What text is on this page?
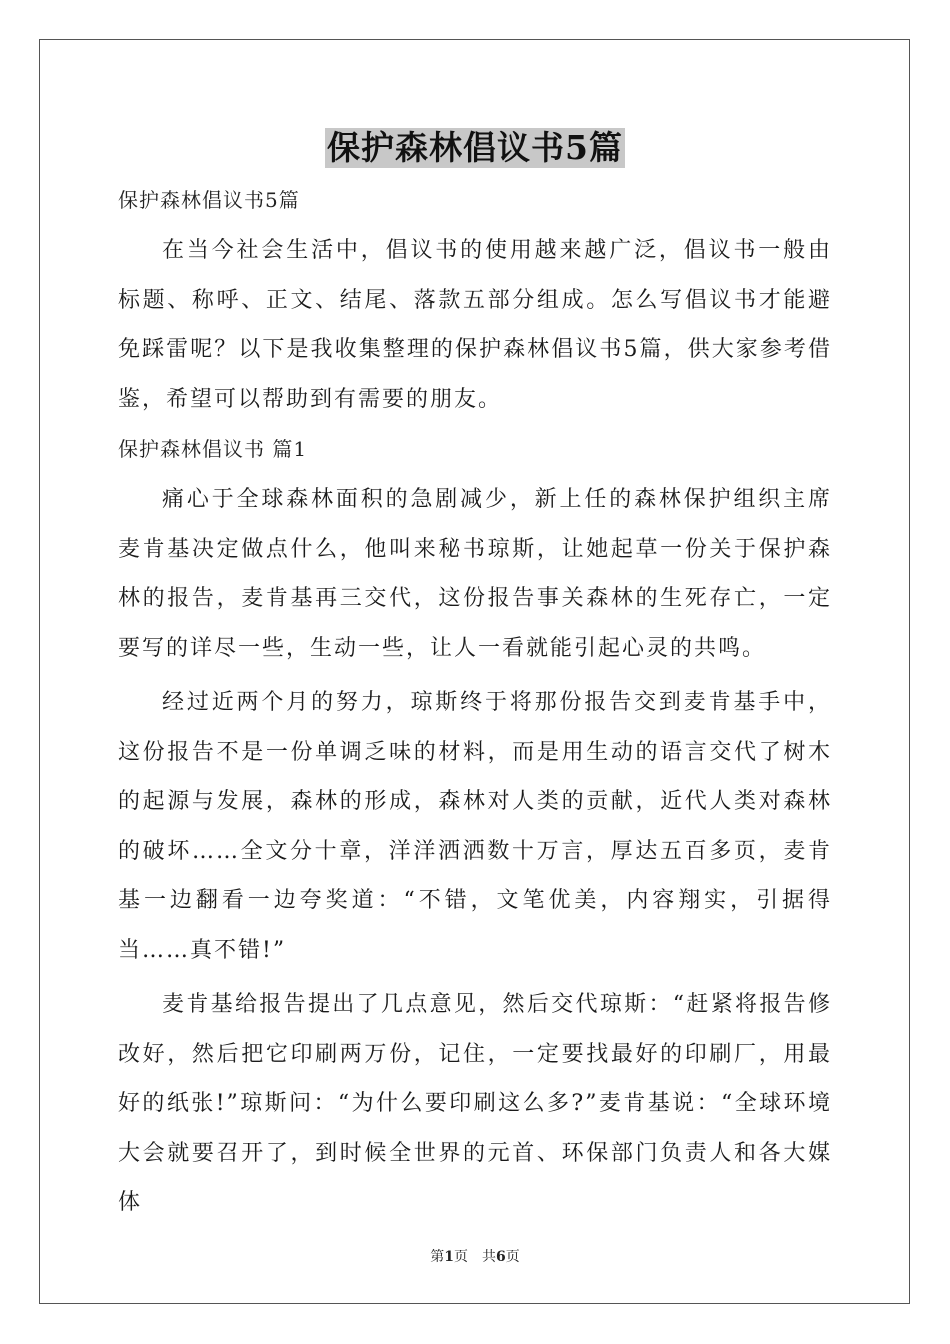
保护森林倡议书5篇

保护森林倡议书5篇

在当今社会生活中，倡议书的使用越来越广泛，倡议书一般由标题、称呼、正文、结尾、落款五部分组成。怎么写倡议书才能避免踩雷呢？以下是我收集整理的保护森林倡议书5篇，供大家参考借鉴，希望可以帮助到有需要的朋友。

保护森林倡议书 篇1

痛心于全球森林面积的急剧减少，新上任的森林保护组织主席麦肯基决定做点什么，他叫来秘书琼斯，让她起草一份关于保护森林的报告，麦肯基再三交代，这份报告事关森林的生死存亡，一定要写的详尽一些，生动一些，让人一看就能引起心灵的共鸣。

经过近两个月的努力，琼斯终于将那份报告交到麦肯基手中，这份报告不是一份单调乏味的材料，而是用生动的语言交代了树木的起源与发展，森林的形成，森林对人类的贡献，近代人类对森林的破坏……全文分十章，洋洋洒洒数十万言，厚达五百多页，麦肯基一边翻看一边夸奖道：“不错，文笔优美，内容翔实，引据得当……真不错!”

麦肯基给报告提出了几点意见，然后交代琼斯：“赶紧将报告修改好，然后把它印刷两万份，记住，一定要找最好的印刷厂，用最好的纸张!”琼斯问：“为什么要印刷这么多?”麦肯基说：“全球环境大会就要召开了，到时候全世界的元首、环保部门负责人和各大媒体

第1页　共6页
